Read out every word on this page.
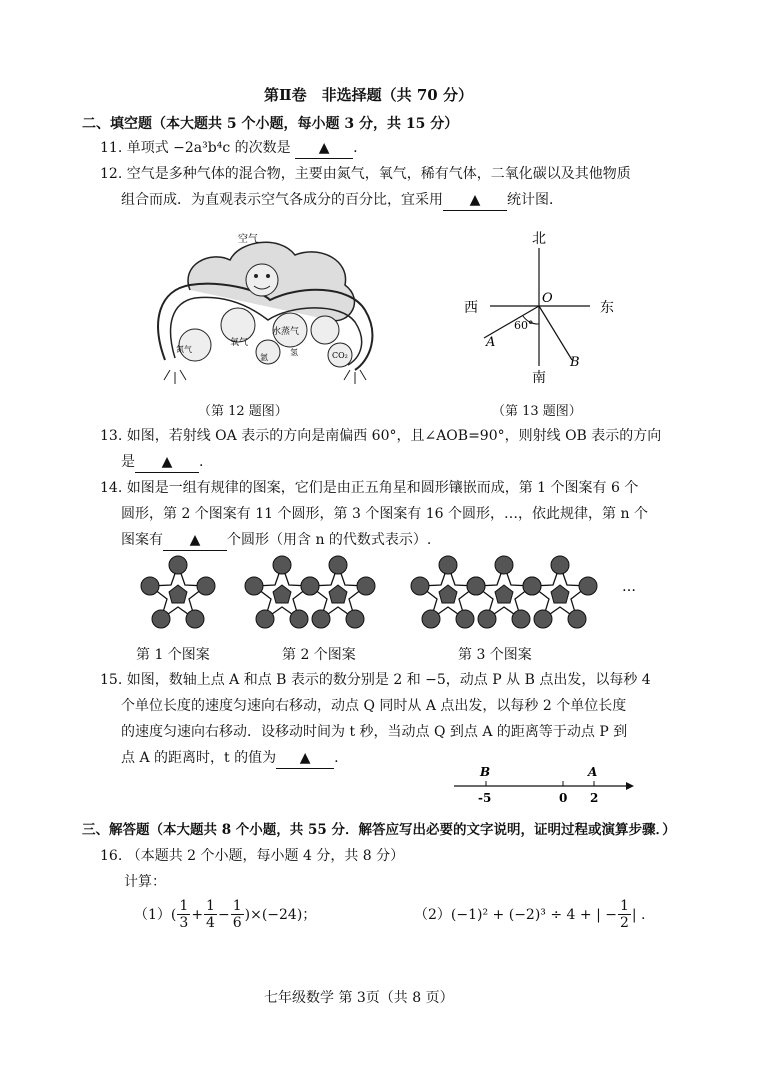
第Ⅱ卷　非选择题（共 70 分）
二、填空题（本大题共 5 个小题，每小题 3 分，共 15 分）
11. 单项式 −2a³b⁴c 的次数是 ▲ .
12. 空气是多种气体的混合物，主要由氮气，氧气，稀有气体，二氧化碳以及其他物质
组合而成．为直观表示空气各成分的百分比，宜采用 ▲ 统计图．
空气
氮气
氧气
水蒸气
氩
氢	CO₂
（第 12 题图）
北
南
西	东
O
A
B
60°
（第 13 题图）
13. 如图，若射线 OA 表示的方向是南偏西 60°，且∠AOB=90°，则射线 OB 表示的方向
是 ▲ .
14. 如图是一组有规律的图案，它们是由正五角星和圆形镶嵌而成，第 1 个图案有 6 个
圆形，第 2 个图案有 11 个圆形，第 3 个图案有 16 个圆形，…，依此规律，第 n 个
图案有 ▲ 个圆形（用含 n 的代数式表示）.
…
第 1 个图案	第 2 个图案	第 3 个图案
15. 如图，数轴上点 A 和点 B 表示的数分别是 2 和 −5，动点 P 从 B 点出发，以每秒 4
个单位长度的速度匀速向右移动，动点 Q 同时从 A 点出发，以每秒 2 个单位长度
的速度匀速向右移动．设移动时间为 t 秒，当动点 Q 到点 A 的距离等于动点 P 到
点 A 的距离时，t 的值为 ▲ .
B	A
-5	0 2
三、解答题（本大题共 8 个小题，共 55 分．解答应写出必要的文字说明，证明过程或演算步骤．）
16. （本题共 2 个小题，每小题 4 分，共 8 分）
计算：
（1） ( $\frac{1}{3} + \frac{1}{4} - \frac{1}{6}$ ) ×(−24)；	（2） (−1)² + (−2)³ ÷ 4 + | − $\frac{1}{2}$ | .
七年级数学 第 3页（共 8 页）
